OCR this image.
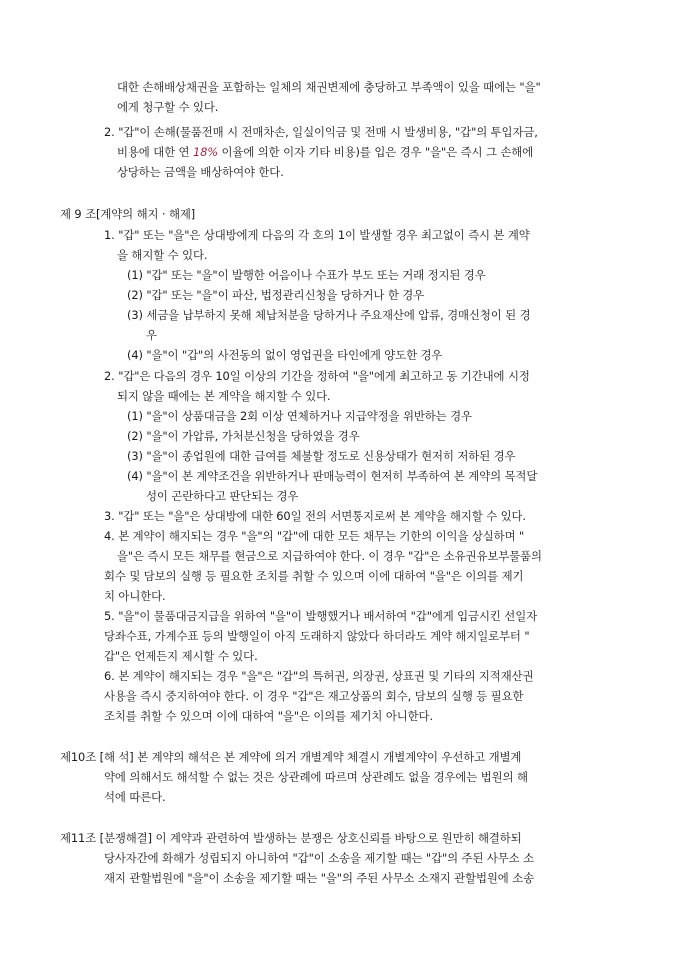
대한 손해배상채권을 포함하는 일체의 채권변제에 충당하고 부족액이 있을 때에는 "을"
에게 청구할 수 있다.
2. "갑"이 손해(물품전매 시 전매차손, 일실이익금 및 전매 시 발생비용, "갑"의 투입자금,
비용에 대한 연 18% 이율에 의한 이자 기타 비용)를 입은 경우 "을"은 즉시 그 손해에
상당하는 금액을 배상하여야 한다.
제 9 조[계약의 해지 · 해제]
1. "갑" 또는 "을"은 상대방에게 다음의 각 호의 1이 발생할 경우 최고없이 즉시 본 계약
을 해지할 수 있다.
(1) "갑" 또는 "을"이 발행한 어음이나 수표가 부도 또는 거래 정지된 경우
(2) "갑" 또는 "을"이 파산, 법정관리신청을 당하거나 한 경우
(3) 세금을 납부하지 못해 체납처분을 당하거나 주요재산에 압류, 경매신청이 된 경
우
(4) "을"이 "갑"의 사전동의 없이 영업권을 타인에게 양도한 경우
2. "갑"은 다음의 경우 10일 이상의 기간을 정하여 "을"에게 최고하고 동 기간내에 시정
되지 않을 때에는 본 계약을 해지할 수 있다.
(1) "을"이 상품대금을 2회 이상 연체하거나 지급약정을 위반하는 경우
(2) "을"이 가압류, 가처분신청을 당하였을 경우
(3) "을"이 종업원에 대한 급여를 체불할 정도로 신용상태가 현저히 저하된 경우
(4) "을"이 본 계약조건을 위반하거나 판매능력이 현저히 부족하여 본 계약의 목적달
성이 곤란하다고 판단되는 경우
3. "갑" 또는 "을"은 상대방에 대한 60일 전의 서면통지로써 본 계약을 해지할 수 있다.
4. 본 계약이 해지되는 경우 "을"의 "갑"에 대한 모든 채무는 기한의 이익을 상실하며 "
을"은 즉시 모든 채무를 현금으로 지급하여야 한다. 이 경우 "갑"은 소유권유보부물품의
회수 및 담보의 실행 등 필요한 조치를 취할 수 있으며 이에 대하여 "을"은 이의를 제기
치 아니한다.
5. "을"이 물품대금지급을 위하여 "을"이 발행했거나 배서하여 "갑"에게 입금시킨 선일자
당좌수표, 가계수표 등의 발행일이 아직 도래하지 않았다 하더라도 계약 해지일로부터 "
갑"은 언제든지 제시할 수 있다.
6. 본 계약이 해지되는 경우 "을"은 "갑"의 특허권, 의장권, 상표권 및 기타의 지적재산권
사용을 즉시 중지하여야 한다. 이 경우 "갑"은 재고상품의 회수, 담보의 실행 등 필요한
조치를 취할 수 있으며 이에 대하여 "을"은 이의를 제기치 아니한다.
제10조 [해 석] 본 계약의 해석은 본 계약에 의거 개별계약 체결시 개별계약이 우선하고 개별계
약에 의해서도 해석할 수 없는 것은 상관례에 따르며 상관례도 없을 경우에는 법원의 해
석에 따른다.
제11조 [분쟁해결] 이 계약과 관련하여 발생하는 분쟁은 상호신뢰를 바탕으로 원만히 해결하되
당사자간에 화해가 성립되지 아니하여 "갑"이 소송을 제기할 때는 "갑"의 주된 사무소 소
재지 관할법원에 "을"이 소송을 제기할 때는 "을"의 주된 사무소 소재지 관할법원에 소송
